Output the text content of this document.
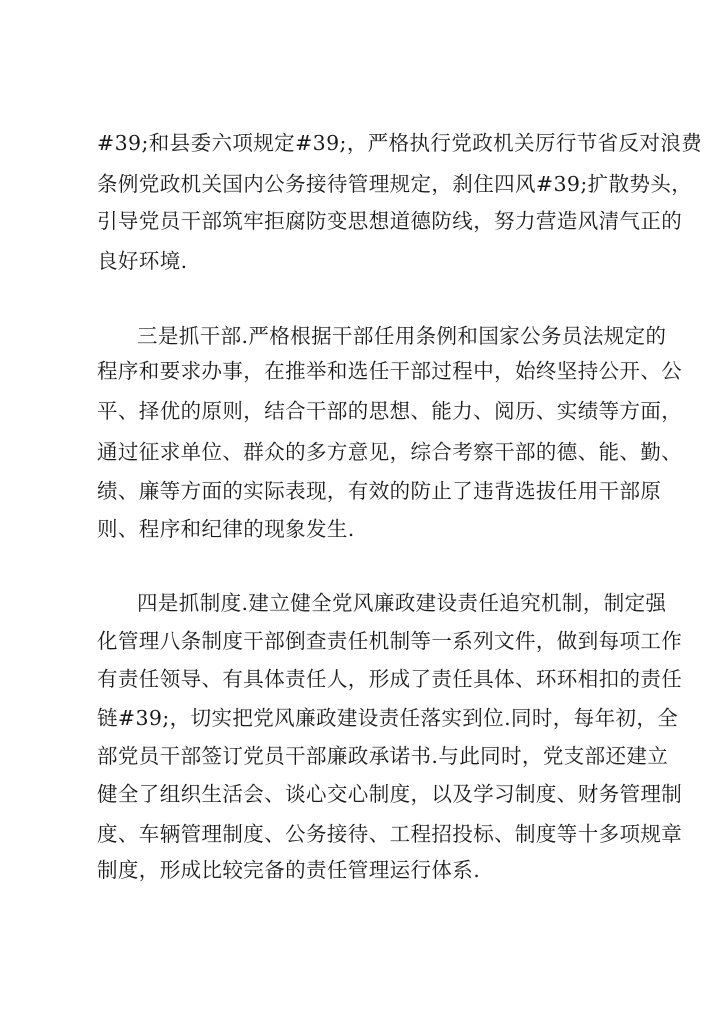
#39;和县委六项规定#39;，严格执行党政机关厉行节省反对浪费
条例党政机关国内公务接待管理规定，刹住四风#39;扩散势头，
引导党员干部筑牢拒腐防变思想道德防线，努力营造风清气正的
良好环境.
三是抓干部.严格根据干部任用条例和国家公务员法规定的
程序和要求办事，在推举和选任干部过程中，始终坚持公开、公
平、择优的原则，结合干部的思想、能力、阅历、实绩等方面，
通过征求单位、群众的多方意见，综合考察干部的德、能、勤、
绩、廉等方面的实际表现，有效的防止了违背选拔任用干部原
则、程序和纪律的现象发生.
四是抓制度.建立健全党风廉政建设责任追究机制，制定强
化管理八条制度干部倒查责任机制等一系列文件，做到每项工作
有责任领导、有具体责任人，形成了责任具体、环环相扣的责任
链#39;，切实把党风廉政建设责任落实到位.同时，每年初，全
部党员干部签订党员干部廉政承诺书.与此同时，党支部还建立
健全了组织生活会、谈心交心制度，以及学习制度、财务管理制
度、车辆管理制度、公务接待、工程招投标、制度等十多项规章
制度，形成比较完备的责任管理运行体系.
